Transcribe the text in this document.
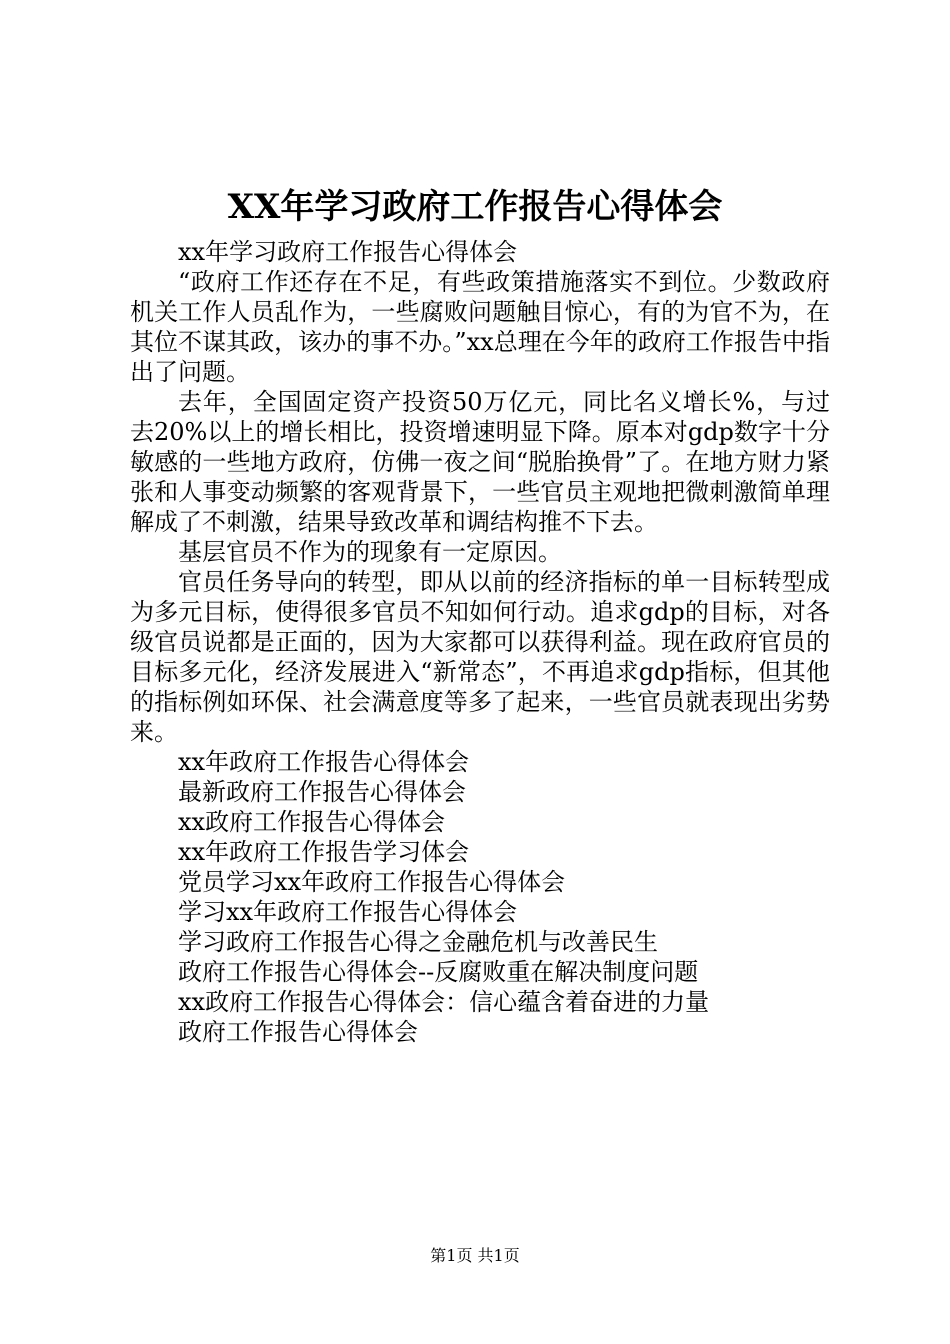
XX年学习政府工作报告心得体会

xx年学习政府工作报告心得体会

“政府工作还存在不足，有些政策措施落实不到位。少数政府机关工作人员乱作为，一些腐败问题触目惊心，有的为官不为，在其位不谋其政，该办的事不办。”xx总理在今年的政府工作报告中指出了问题。

去年，全国固定资产投资50万亿元，同比名义增长%，与过去20%以上的增长相比，投资增速明显下降。原本对gdp数字十分敏感的一些地方政府，仿佛一夜之间“脱胎换骨”了。在地方财力紧张和人事变动频繁的客观背景下，一些官员主观地把微刺激简单理解成了不刺激，结果导致改革和调结构推不下去。

基层官员不作为的现象有一定原因。

官员任务导向的转型，即从以前的经济指标的单一目标转型成为多元目标，使得很多官员不知如何行动。追求gdp的目标，对各级官员说都是正面的，因为大家都可以获得利益。现在政府官员的目标多元化，经济发展进入“新常态”，不再追求gdp指标，但其他的指标例如环保、社会满意度等多了起来，一些官员就表现出劣势来。

xx年政府工作报告心得体会
最新政府工作报告心得体会
xx政府工作报告心得体会
xx年政府工作报告学习体会
党员学习xx年政府工作报告心得体会
学习xx年政府工作报告心得体会
学习政府工作报告心得之金融危机与改善民生
政府工作报告心得体会--反腐败重在解决制度问题
xx政府工作报告心得体会：信心蕴含着奋进的力量
政府工作报告心得体会
第1页 共1页
